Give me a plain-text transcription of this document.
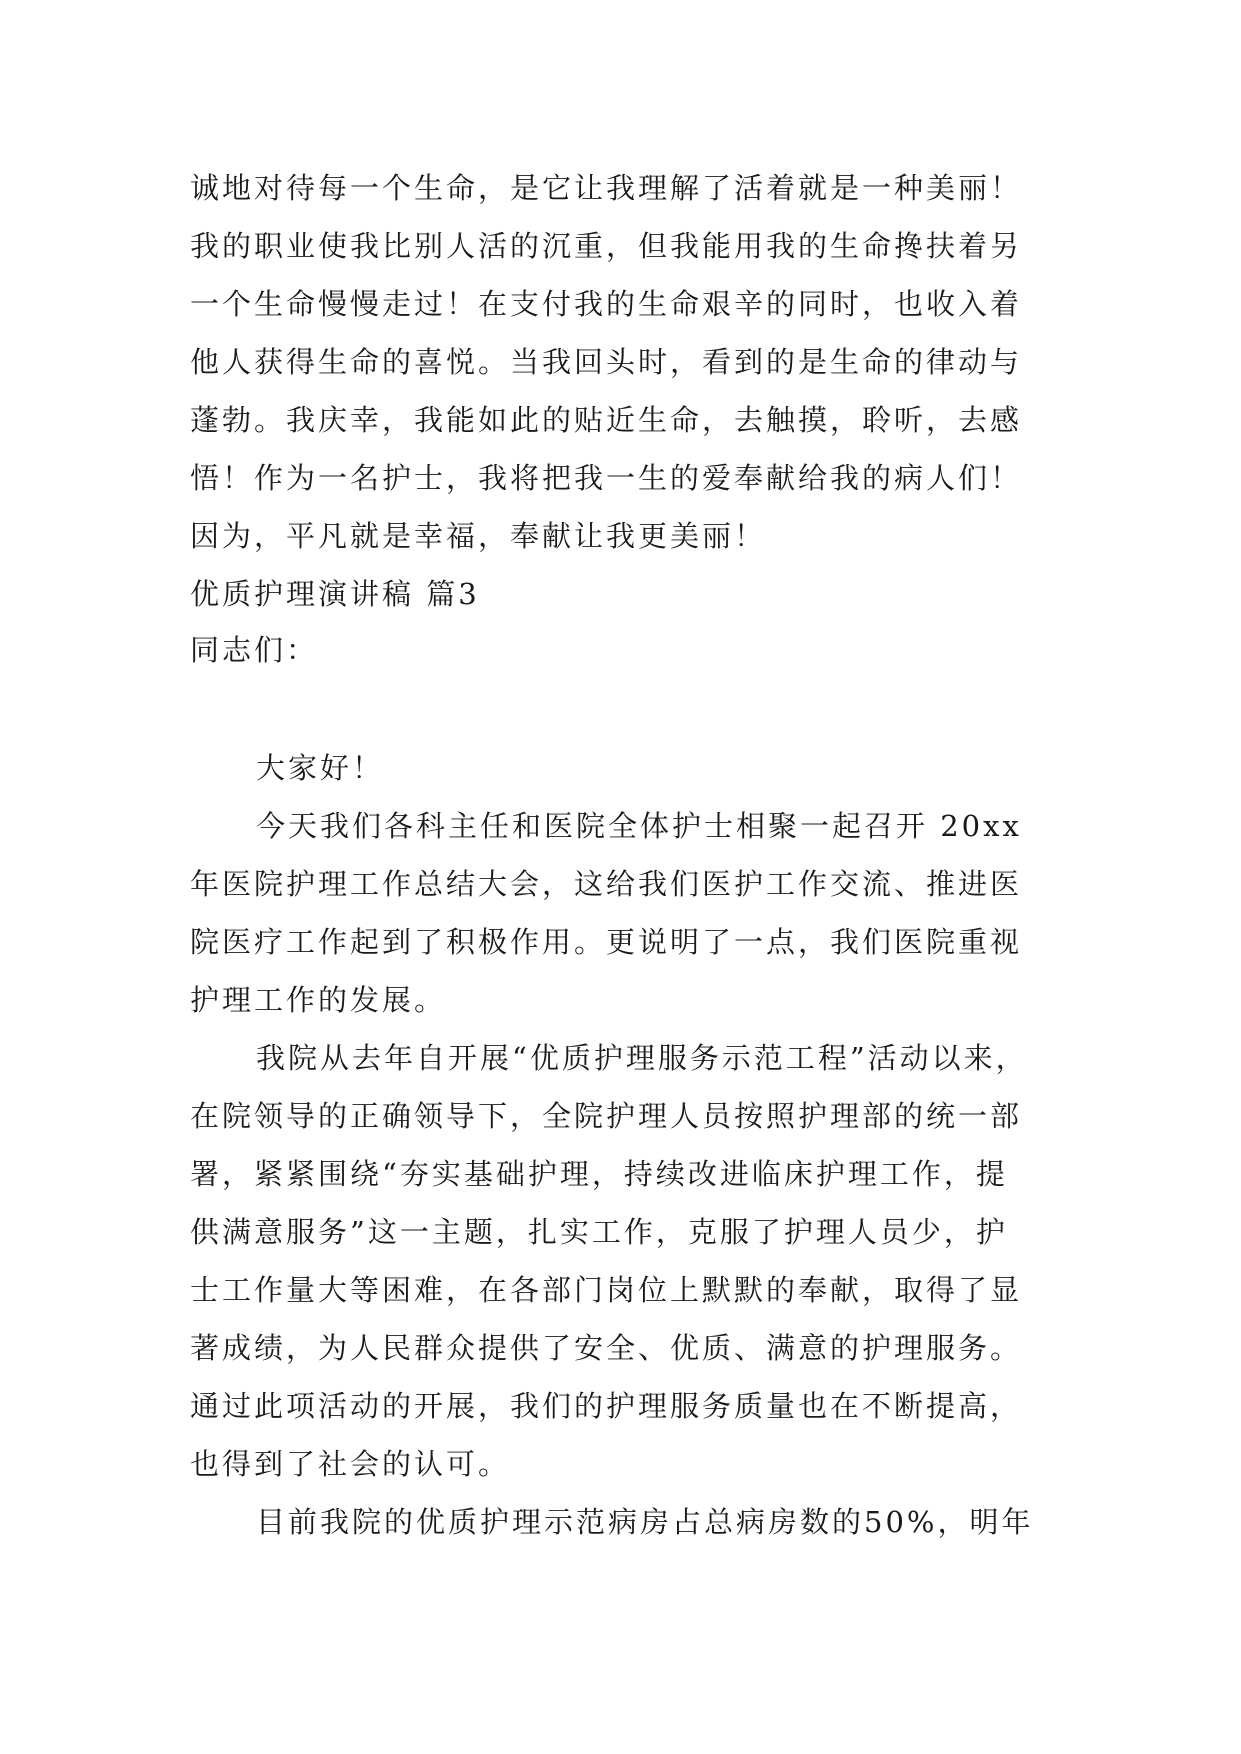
诚地对待每一个生命，是它让我理解了活着就是一种美丽！
我的职业使我比别人活的沉重，但我能用我的生命搀扶着另
一个生命慢慢走过！在支付我的生命艰辛的同时，也收入着
他人获得生命的喜悦。当我回头时，看到的是生命的律动与
蓬勃。我庆幸，我能如此的贴近生命，去触摸，聆听，去感
悟！作为一名护士，我将把我一生的爱奉献给我的病人们！
因为，平凡就是幸福，奉献让我更美丽！
优质护理演讲稿 篇3
同志们：
大家好！
今天我们各科主任和医院全体护士相聚一起召开 20xx
年医院护理工作总结大会，这给我们医护工作交流、推进医
院医疗工作起到了积极作用。更说明了一点，我们医院重视
护理工作的发展。
我院从去年自开展“优质护理服务示范工程”活动以来，
在院领导的正确领导下，全院护理人员按照护理部的统一部
署，紧紧围绕“夯实基础护理，持续改进临床护理工作，提
供满意服务”这一主题，扎实工作，克服了护理人员少，护
士工作量大等困难，在各部门岗位上默默的奉献，取得了显
著成绩，为人民群众提供了安全、优质、满意的护理服务。
通过此项活动的开展，我们的护理服务质量也在不断提高，
也得到了社会的认可。
目前我院的优质护理示范病房占总病房数的50%，明年
